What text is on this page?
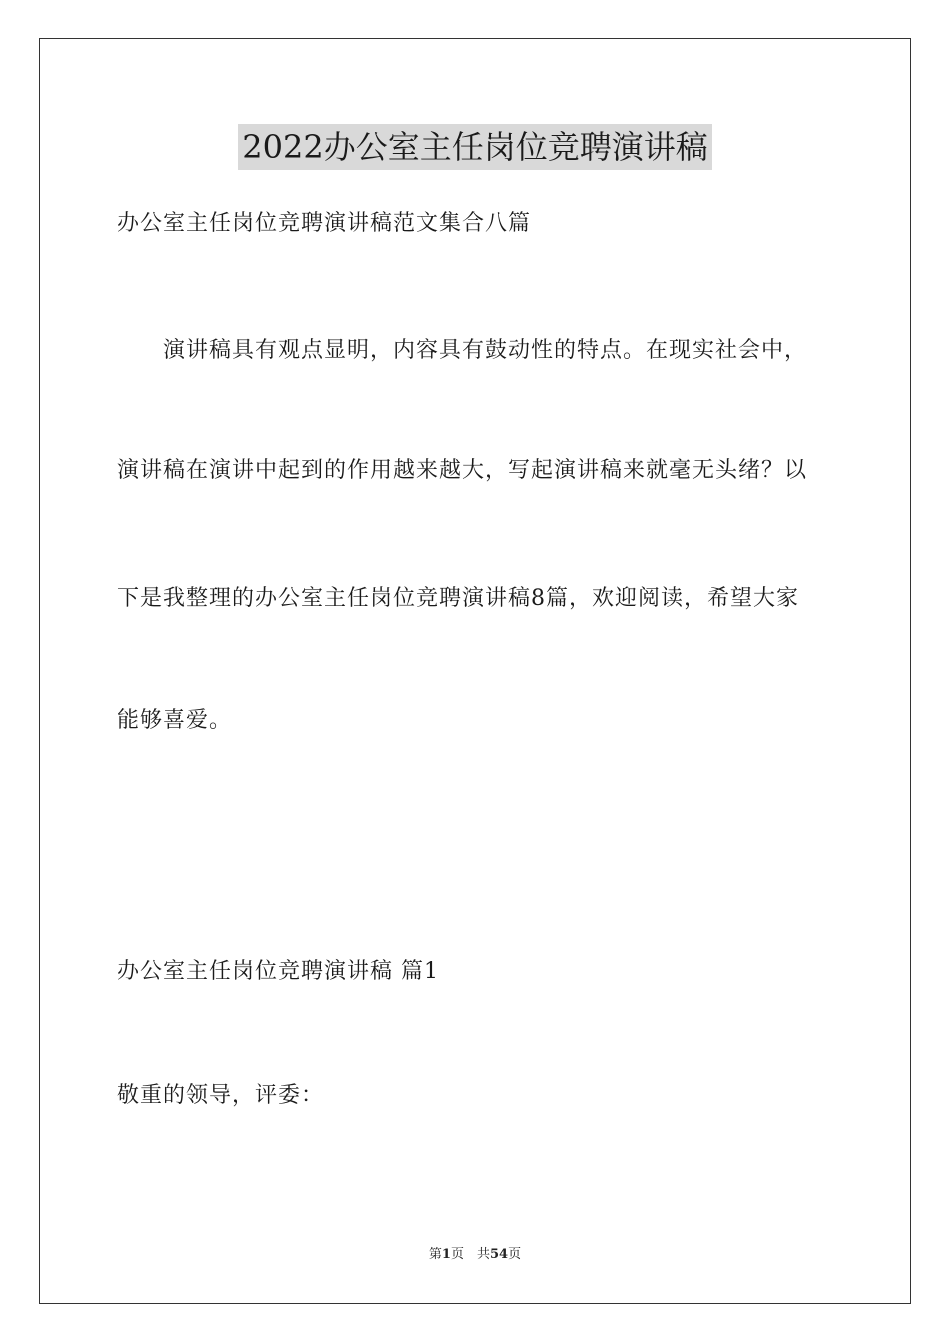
2022办公室主任岗位竞聘演讲稿
办公室主任岗位竞聘演讲稿范文集合八篇
演讲稿具有观点显明，内容具有鼓动性的特点。在现实社会中，
演讲稿在演讲中起到的作用越来越大，写起演讲稿来就毫无头绪？以
下是我整理的办公室主任岗位竞聘演讲稿8篇，欢迎阅读，希望大家
能够喜爱。
办公室主任岗位竞聘演讲稿 篇1
敬重的领导，评委：
第1页　共54页
